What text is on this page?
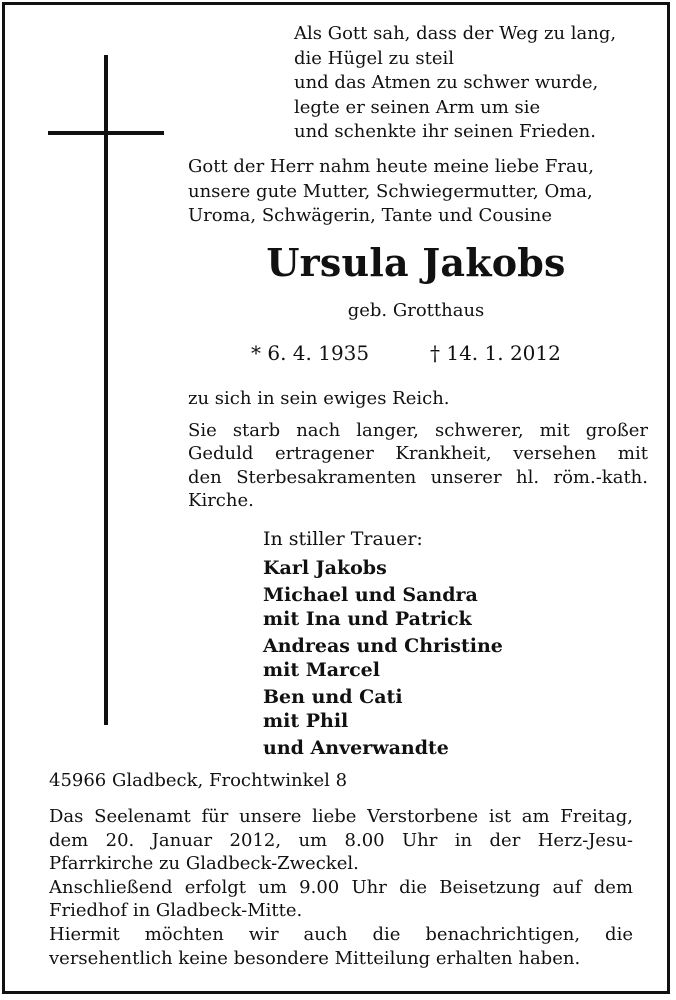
Als Gott sah, dass der Weg zu lang,
die Hügel zu steil
und das Atmen zu schwer wurde,
legte er seinen Arm um sie
und schenkte ihr seinen Frieden.
Gott der Herr nahm heute meine liebe Frau,
unsere gute Mutter, Schwiegermutter, Oma,
Uroma, Schwägerin, Tante und Cousine
Ursula Jakobs
geb. Grotthaus
* 6. 4. 1935	† 14. 1. 2012
zu sich in sein ewiges Reich.
Sie starb nach langer, schwerer, mit großer
Geduld ertragener Krankheit, versehen mit
den Sterbesakramenten unserer hl. röm.-kath.
Kirche.
In stiller Trauer:
Karl Jakobs
Michael und Sandra
mit Ina und Patrick
Andreas und Christine
mit Marcel
Ben und Cati
mit Phil
und Anverwandte
45966 Gladbeck, Frochtwinkel 8
Das Seelenamt für unsere liebe Verstorbene ist am Freitag,
dem 20. Januar 2012, um 8.00 Uhr in der Herz-Jesu-
Pfarrkirche zu Gladbeck-Zweckel.
Anschließend erfolgt um 9.00 Uhr die Beisetzung auf dem
Friedhof in Gladbeck-Mitte.
Hiermit möchten wir auch die benachrichtigen, die
versehentlich keine besondere Mitteilung erhalten haben.
